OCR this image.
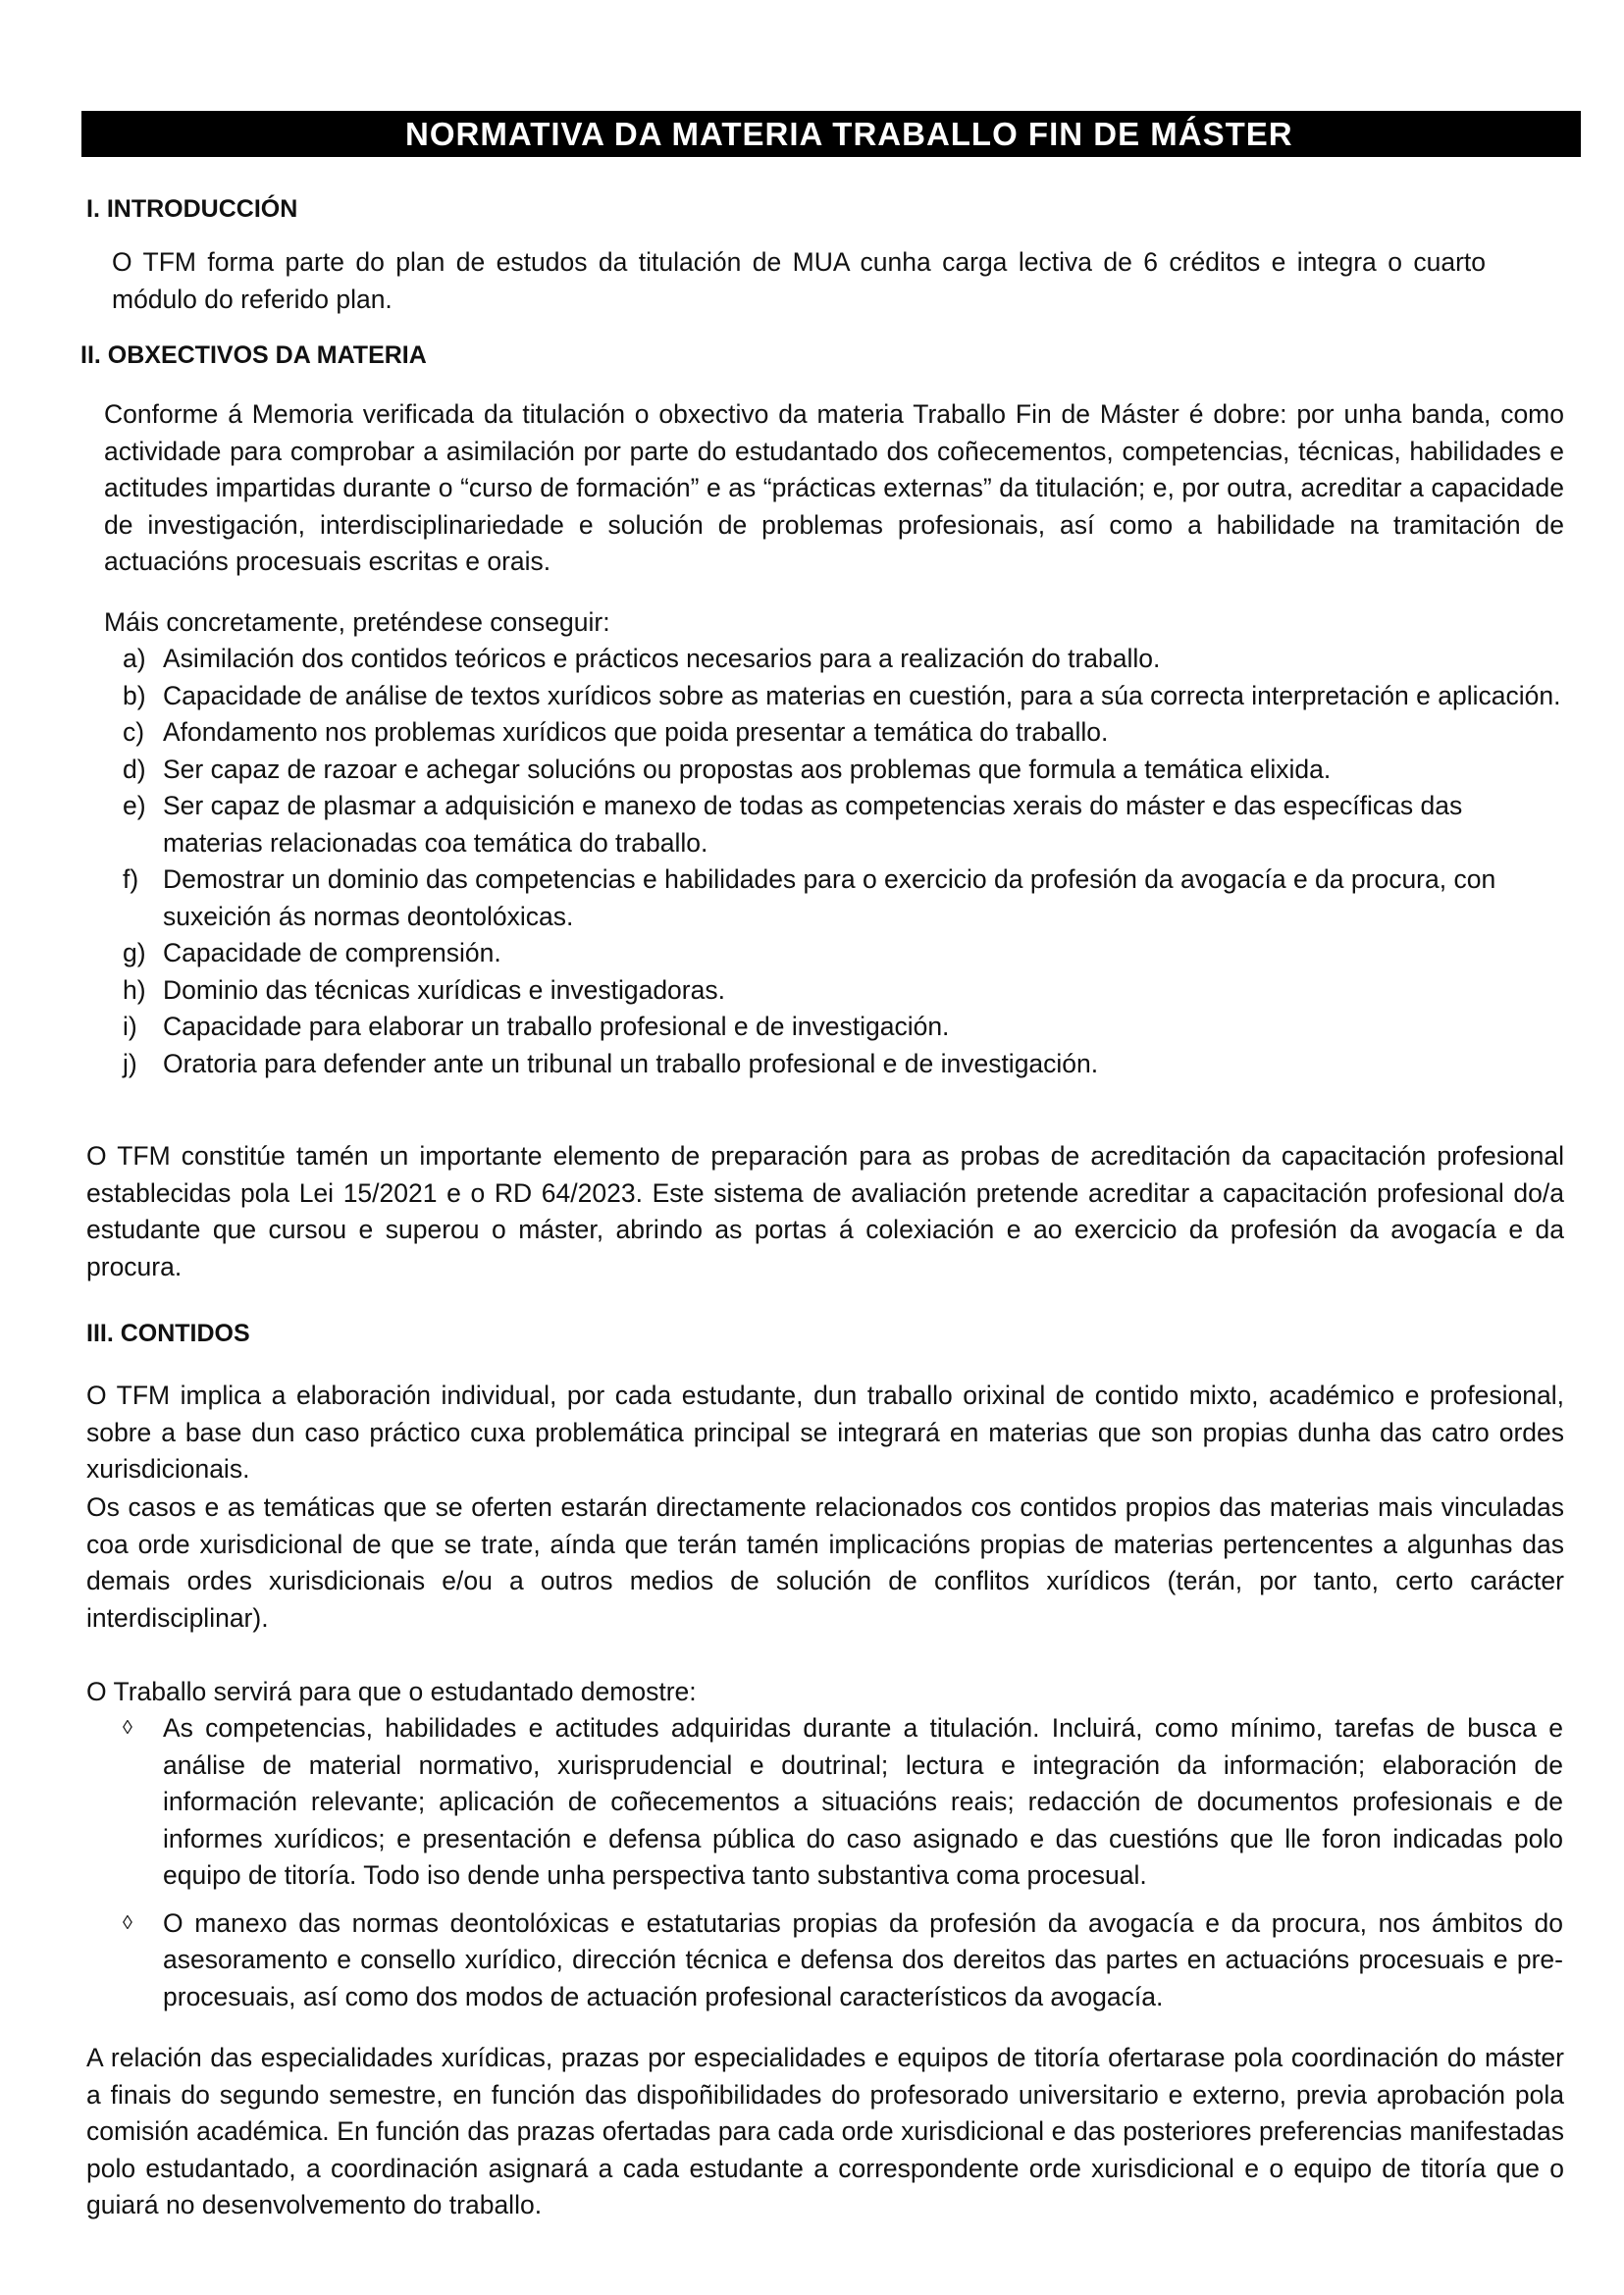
NORMATIVA DA MATERIA TRABALLO FIN DE MÁSTER
I. INTRODUCCIÓN

O TFM forma parte do plan de estudos da titulación de MUA cunha carga lectiva de 6 créditos e integra o cuarto módulo do referido plan.

II. OBXECTIVOS DA MATERIA

Conforme á Memoria verificada da titulación o obxectivo da materia Traballo Fin de Máster é dobre: por unha banda, como actividade para comprobar a asimilación por parte do estudantado dos coñecementos, competencias, técnicas, habilidades e actitudes impartidas durante o “curso de formación” e as “prácticas externas” da titulación; e, por outra, acreditar a capacidade de investigación, interdisciplinariedade e solución de problemas profesionais, así como a habilidade na tramitación de actuacións procesuais escritas e orais.

Máis concretamente, preténdese conseguir:
a) Asimilación dos contidos teóricos e prácticos necesarios para a realización do traballo.
b) Capacidade de análise de textos xurídicos sobre as materias en cuestión, para a súa correcta interpretación e aplicación.
c) Afondamento nos problemas xurídicos que poida presentar a temática do traballo.
d) Ser capaz de razoar e achegar solucións ou propostas aos problemas que formula a temática elixida.
e) Ser capaz de plasmar a adquisición e manexo de todas as competencias xerais do máster e das específicas das materias relacionadas coa temática do traballo.
f) Demostrar un dominio das competencias e habilidades para o exercicio da profesión da avogacía e da procura, con suxeición ás normas deontolóxicas.
g) Capacidade de comprensión.
h) Dominio das técnicas xurídicas e investigadoras.
i) Capacidade para elaborar un traballo profesional e de investigación.
j) Oratoria para defender ante un tribunal un traballo profesional e de investigación.

O TFM constitúe tamén un importante elemento de preparación para as probas de acreditación da capacitación profesional establecidas pola Lei 15/2021 e o RD 64/2023. Este sistema de avaliación pretende acreditar a capacitación profesional do/a estudante que cursou e superou o máster, abrindo as portas á colexiación e ao exercicio da profesión da avogacía e da procura.

III. CONTIDOS

O TFM implica a elaboración individual, por cada estudante, dun traballo orixinal de contido mixto, académico e profesional, sobre a base dun caso práctico cuxa problemática principal se integrará en materias que son propias dunha das catro ordes xurisdicionais.

Os casos e as temáticas que se oferten estarán directamente relacionados cos contidos propios das materias mais vinculadas coa orde xurisdicional de que se trate, aínda que terán tamén implicacións propias de materias pertencentes a algunhas das demais ordes xurisdicionais e/ou a outros medios de solución de conflitos xurídicos (terán, por tanto, certo carácter interdisciplinar).

O Traballo servirá para que o estudantado demostre:
◊ As competencias, habilidades e actitudes adquiridas durante a titulación. Incluirá, como mínimo, tarefas de busca e análise de material normativo, xurisprudencial e doutrinal; lectura e integración da información; elaboración de información relevante; aplicación de coñecementos a situacións reais; redacción de documentos profesionais e de informes xurídicos; e presentación e defensa pública do caso asignado e das cuestións que lle foron indicadas polo equipo de titoría. Todo iso dende unha perspectiva tanto substantiva coma procesual.
◊ O manexo das normas deontolóxicas e estatutarias propias da profesión da avogacía e da procura, nos ámbitos do asesoramento e consello xurídico, dirección técnica e defensa dos dereitos das partes en actuacións procesuais e pre-procesuais, así como dos modos de actuación profesional característicos da avogacía.

A relación das especialidades xurídicas, prazas por especialidades e equipos de titoría ofertarase pola coordinación do máster a finais do segundo semestre, en función das dispoñibilidades do profesorado universitario e externo, previa aprobación pola comisión académica. En función das prazas ofertadas para cada orde xurisdicional e das posteriores preferencias manifestadas polo estudantado, a coordinación asignará a cada estudante a correspondente orde xurisdicional e o equipo de titoría que o guiará no desenvolvemento do traballo.
